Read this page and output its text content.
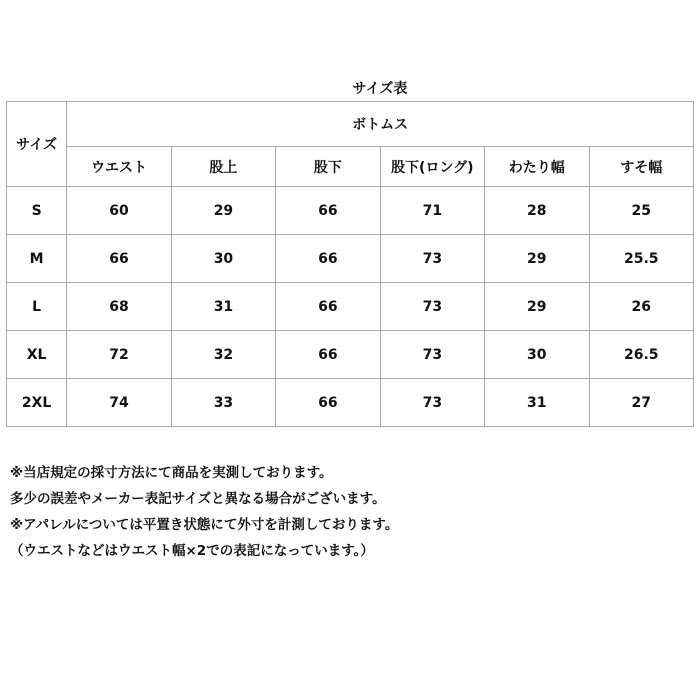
サイズ表
サイズ	ボトムス					
	ウエスト	股上	股下	股下(ロング)	わたり幅	すそ幅
S	60	29	66	71	28	25
M	66	30	66	73	29	25.5
L	68	31	66	73	29	26
XL	72	32	66	73	30	26.5
2XL	74	33	66	73	31	27
※当店規定の採寸方法にて商品を実測しております。
多少の誤差やメーカー表記サイズと異なる場合がございます。
※アパレルについては平置き状態にて外寸を計測しております。
（ウエストなどはウエスト幅×2での表記になっています。）
